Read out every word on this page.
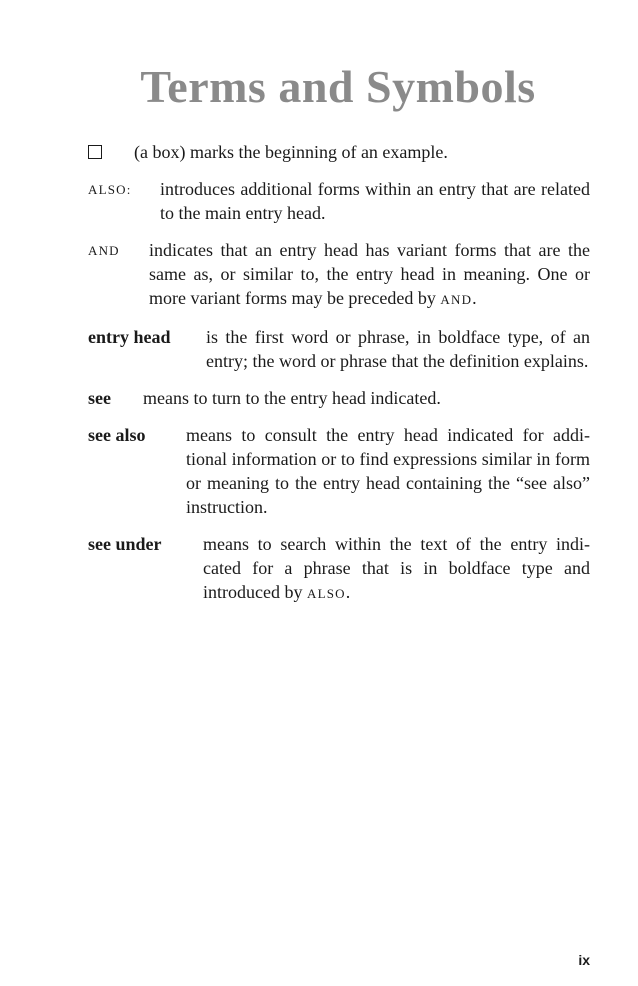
Terms and Symbols
(a box) marks the beginning of an example.
ALSO: introduces additional forms within an entry that are related to the main entry head.
AND indicates that an entry head has variant forms that are the same as, or similar to, the entry head in meaning. One or more variant forms may be preceded by AND.
entry head is the first word or phrase, in boldface type, of an entry; the word or phrase that the definition explains.
see means to turn to the entry head indicated.
see also means to consult the entry head indicated for addi-tional information or to find expressions similar in form or meaning to the entry head containing the “see also” instruction.
see under means to search within the text of the entry indi-cated for a phrase that is in boldface type and introduced by ALSO.
ix
